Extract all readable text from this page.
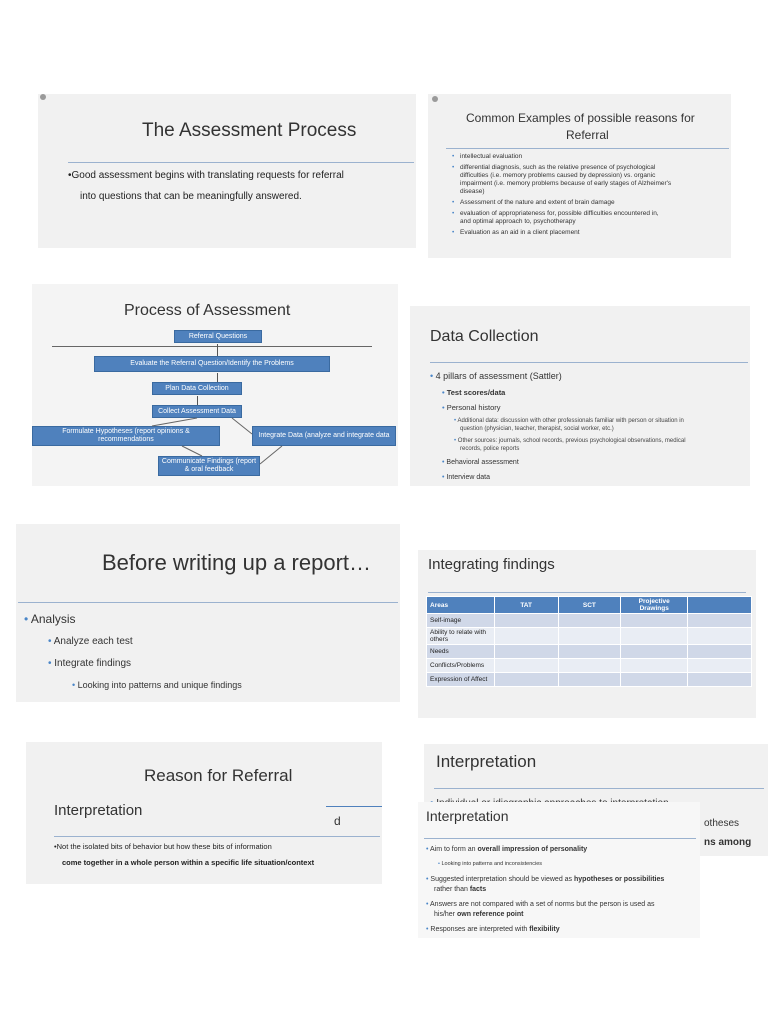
The Assessment Process
•Good assessment begins with translating requests for referral
into questions that can be meaningfully answered.
Common Examples of possible reasons for
Referral
• intellectual evaluation
• differential diagnosis, such as the relative presence of psychological
difficulties (i.e. memory problems caused by depression) vs. organic
impairment (i.e. memory problems because of early stages of Alzheimer's
disease)
• Assessment of the nature and extent of brain damage
• evaluation of appropriateness for, possible difficulties encountered in,
and optimal approach to, psychotherapy
• Evaluation as an aid in a client placement
Process of Assessment
Referral Questions
Evaluate the Referral Question/Identify the Problems
Plan Data Collection
Collect Assessment Data
Formulate Hypotheses (report opinions & recommendations
Integrate Data (analyze and integrate data
Communicate Findings (report & oral feedback
Data Collection
• 4 pillars of assessment (Sattler)
• Test scores/data
• Personal history
• Additional data: discussion with other professionals familiar with person or situation in
question (physician, teacher, therapist, social worker, etc.)
• Other sources: journals, school records, previous psychological observations, medical
records, police reports
• Behavioral assessment
• Interview data
Before writing up a report…
• Analysis
• Analyze each test
• Integrate findings
• Looking into patterns and unique findings
Integrating findings
Areas	TAT	SCT	Projective Drawings	
Self-image				
Ability to relate with others				
Needs				
Conflicts/Problems				
Expression of Affect				
Reason for Referral
Interpretation
d
•Not the isolated bits of behavior but how these bits of information
come together in a whole person within a specific life situation/context
Interpretation
otheses
ns among
Interpretation
• Aim to form an overall impression of personality
• Looking into patterns and inconsistencies
• Suggested interpretation should be viewed as hypotheses or possibilities
rather than facts
• Answers are not compared with a set of norms but the person is used as
his/her own reference point
• Responses are interpreted with flexibility
